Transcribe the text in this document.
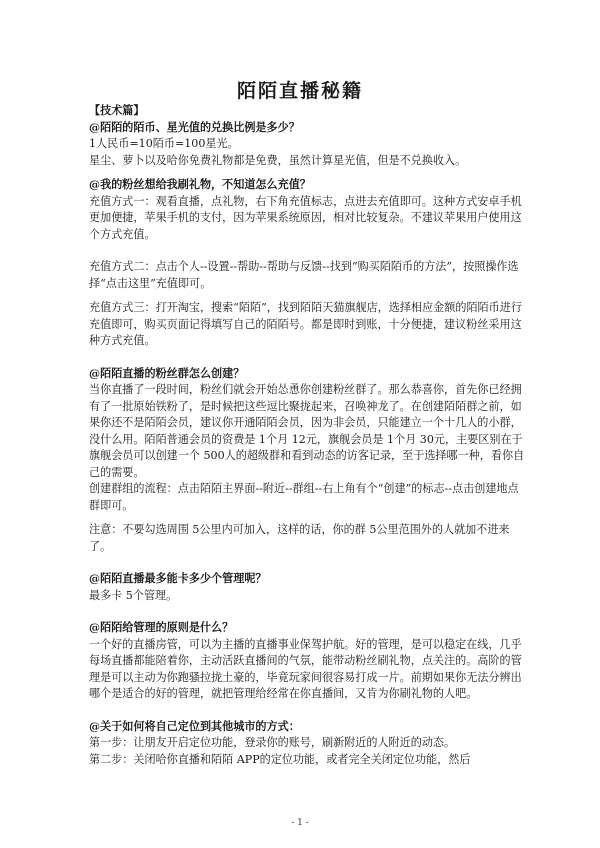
陌陌直播秘籍

【技术篇】

@陌陌的陌币、星光值的兑换比例是多少？

1人民币=10陌币=100星光。

星尘、萝卜以及哈你免费礼物都是免费，虽然计算星光值，但是不兑换收入。

@我的粉丝想给我刷礼物，不知道怎么充值？

充值方式一：观看直播，点礼物，右下角充值标志，点进去充值即可。这种方式安卓手机更加便捷，苹果手机的支付，因为苹果系统原因，相对比较复杂。不建议苹果用户使用这个方式充值。

充值方式二：点击个人--设置--帮助--帮助与反馈--找到“购买陌陌币的方法”，按照操作选择“点击这里”充值即可。

充值方式三：打开淘宝，搜索“陌陌”，找到陌陌天猫旗舰店，选择相应金额的陌陌币进行充值即可，购买页面记得填写自己的陌陌号。都是即时到账，十分便捷，建议粉丝采用这种方式充值。

@陌陌直播的粉丝群怎么创建？

当你直播了一段时间，粉丝们就会开始怂恿你创建粉丝群了。那么恭喜你，首先你已经拥有了一批原始铁粉了，是时候把这些逗比聚拢起来，召唤神龙了。在创建陌陌群之前，如果你还不是陌陌会员，建议你开通陌陌会员，因为非会员，只能建立一个十几人的小群，没什么用。陌陌普通会员的资费是 1个月 12元，旗舰会员是 1个月 30元，主要区别在于旗舰会员可以创建一个 500人的超级群和看到动态的访客记录，至于选择哪一种，看你自己的需要。

创建群组的流程：点击陌陌主界面--附近--群组--右上角有个“创建”的标志--点击创建地点群即可。

注意：不要勾选周围 5公里内可加入，这样的话，你的群 5公里范围外的人就加不进来了。

@陌陌直播最多能卡多少个管理呢？

最多卡 5个管理。

@陌陌给管理的原则是什么？

一个好的直播房管，可以为主播的直播事业保驾护航。好的管理，是可以稳定在线，几乎每场直播都能陪着你，主动活跃直播间的气氛，能带动粉丝刷礼物，点关注的。高阶的管理是可以主动为你跑骚拉拢土豪的，毕竟玩家间很容易打成一片。前期如果你无法分辨出哪个是适合的好的管理，就把管理给经常在你直播间，又肯为你刷礼物的人吧。

@关于如何将自己定位到其他城市的方式：

第一步：让朋友开启定位功能，登录你的账号，刷新附近的人附近的动态。

第二步：关闭哈你直播和陌陌 APP的定位功能，或者完全关闭定位功能，然后

- 1 -
